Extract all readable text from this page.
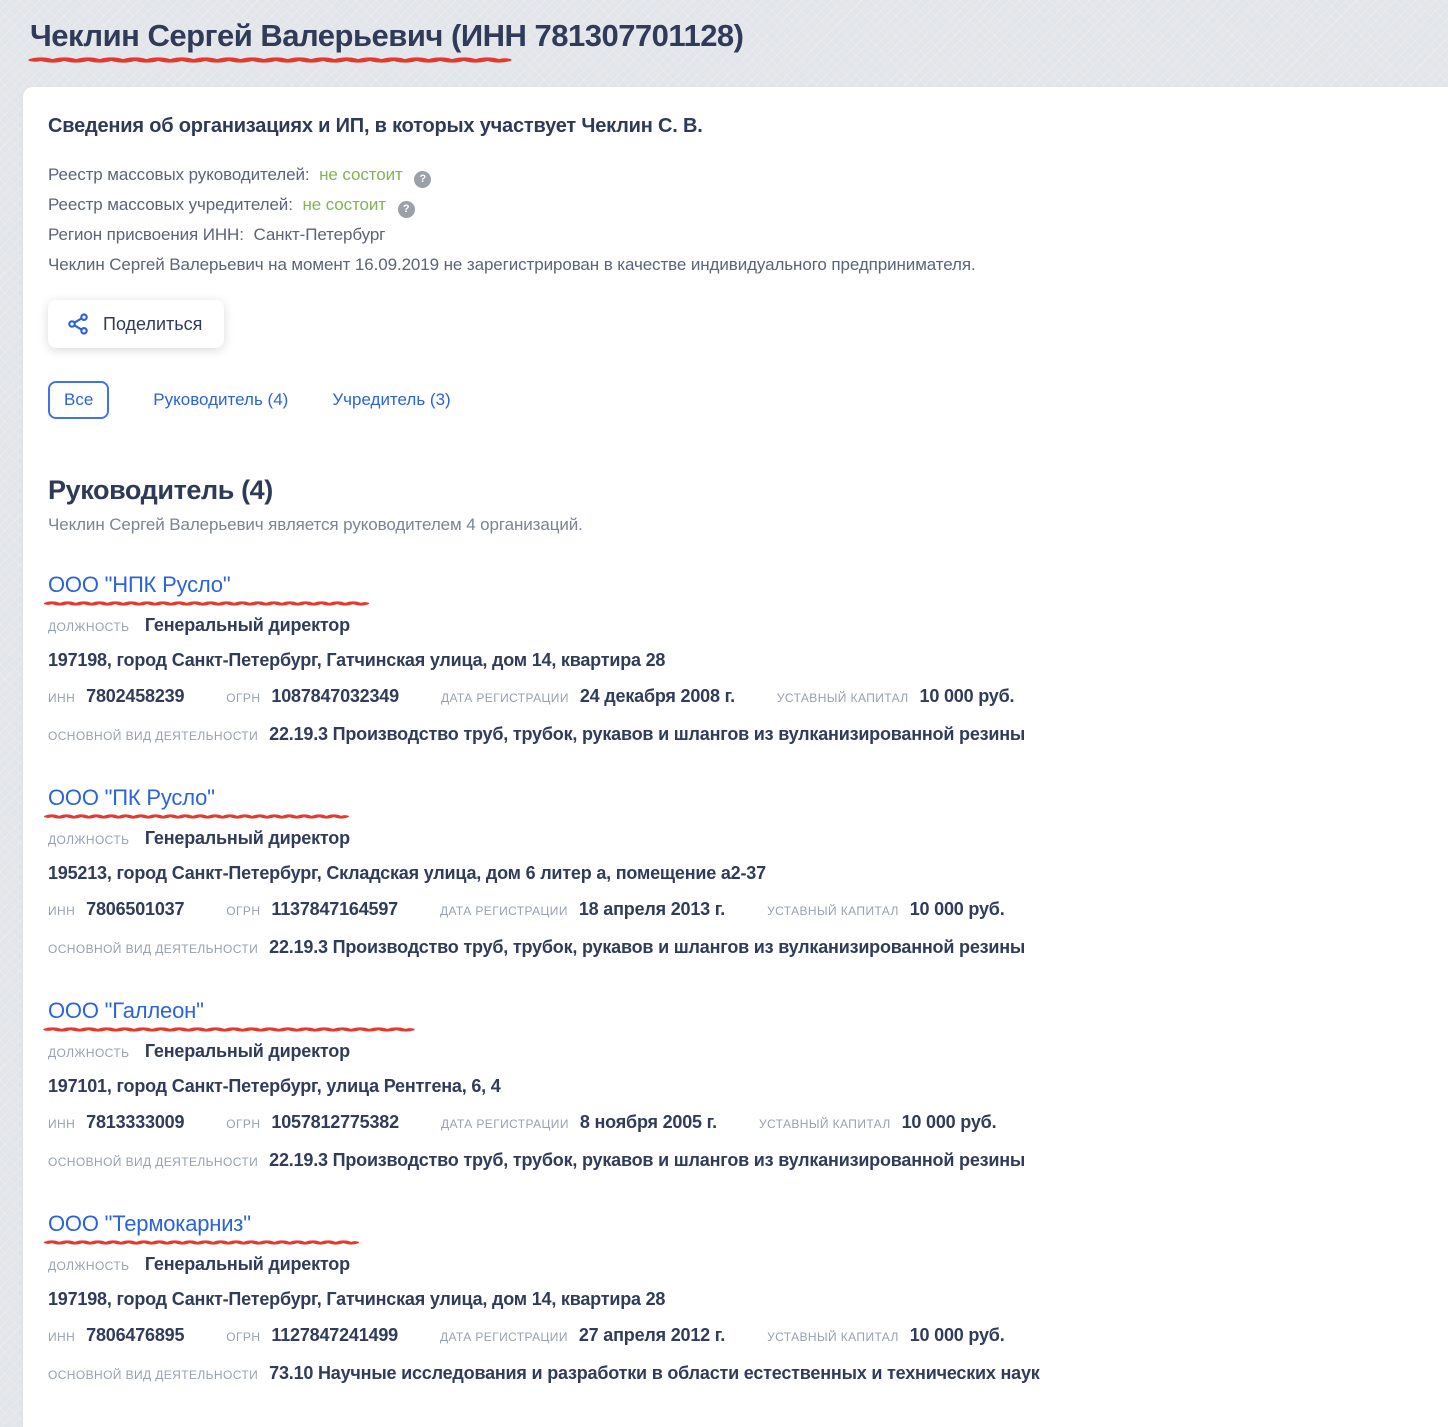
Чеклин Сергей Валерьевич (ИНН 781307701128)
Сведения об организациях и ИП, в которых участвует Чеклин С. В.
Реестр массовых руководителей: не состоит ?
Реестр массовых учредителей: не состоит ?
Регион присвоения ИНН: Санкт-Петербург
Чеклин Сергей Валерьевич на момент 16.09.2019 не зарегистрирован в качестве индивидуального предпринимателя.
Поделиться
Все	Руководитель (4)	Учредитель (3)
Руководитель (4)
Чеклин Сергей Валерьевич является руководителем 4 организаций.
ООО "НПК Русло"
ДОЛЖНОСТЬ Генеральный директор
197198, город Санкт-Петербург, Гатчинская улица, дом 14, квартира 28
ИНН 7802458239	ОГРН 1087847032349	ДАТА РЕГИСТРАЦИИ 24 декабря 2008 г.	УСТАВНЫЙ КАПИТАЛ 10 000 руб.
ОСНОВНОЙ ВИД ДЕЯТЕЛЬНОСТИ 22.19.3 Производство труб, трубок, рукавов и шлангов из вулканизированной резины
ООО "ПК Русло"
ДОЛЖНОСТЬ Генеральный директор
195213, город Санкт-Петербург, Складская улица, дом 6 литер а, помещение а2-37
ИНН 7806501037	ОГРН 1137847164597	ДАТА РЕГИСТРАЦИИ 18 апреля 2013 г.	УСТАВНЫЙ КАПИТАЛ 10 000 руб.
ОСНОВНОЙ ВИД ДЕЯТЕЛЬНОСТИ 22.19.3 Производство труб, трубок, рукавов и шлангов из вулканизированной резины
ООО "Галлеон"
ДОЛЖНОСТЬ Генеральный директор
197101, город Санкт-Петербург, улица Рентгена, 6, 4
ИНН 7813333009	ОГРН 1057812775382	ДАТА РЕГИСТРАЦИИ 8 ноября 2005 г.	УСТАВНЫЙ КАПИТАЛ 10 000 руб.
ОСНОВНОЙ ВИД ДЕЯТЕЛЬНОСТИ 22.19.3 Производство труб, трубок, рукавов и шлангов из вулканизированной резины
ООО "Термокарниз"
ДОЛЖНОСТЬ Генеральный директор
197198, город Санкт-Петербург, Гатчинская улица, дом 14, квартира 28
ИНН 7806476895	ОГРН 1127847241499	ДАТА РЕГИСТРАЦИИ 27 апреля 2012 г.	УСТАВНЫЙ КАПИТАЛ 10 000 руб.
ОСНОВНОЙ ВИД ДЕЯТЕЛЬНОСТИ 73.10 Научные исследования и разработки в области естественных и технических наук
